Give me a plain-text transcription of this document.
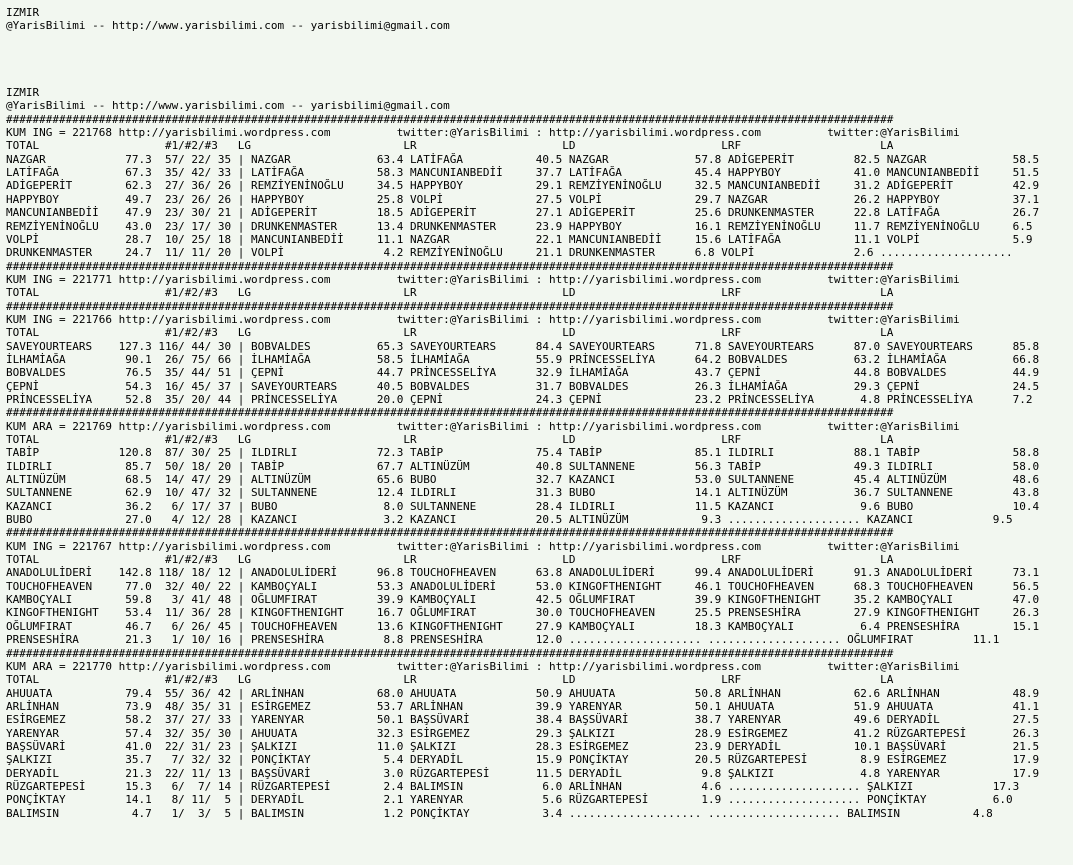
IZMIR
@YarisBilimi -- http://www.yarisbilimi.com -- yarisbilimi@gmail.com

IZMIR
@YarisBilimi -- http://www.yarisbilimi.com -- yarisbilimi@gmail.com
######################################################################################################################################
KUM ING = 221768 http://yarisbilimi.wordpress.com          twitter:@YarisBilimi : http://yarisbilimi.wordpress.com          twitter:@YarisBilimi
TOTAL                   #1/#2/#3   LG                       LR                      LD                      LRF                     LA
NAZGAR            77.3  57/ 22/ 35 | NAZGAR             63.4 LATİFAĞA           40.5 NAZGAR             57.8 ADİGEPERİT         82.5 NAZGAR             58.5
LATİFAĞA          67.3  35/ 42/ 33 | LATİFAĞA           58.3 MANCUNIANBEDİİ     37.7 LATİFAĞA           45.4 HAPPYBOY           41.0 MANCUNIANBEDİİ     51.5
ADİGEPERİT        62.3  27/ 36/ 26 | REMZİYENİNOĞLU     34.5 HAPPYBOY           29.1 REMZİYENİNOĞLU     32.5 MANCUNIANBEDİİ     31.2 ADİGEPERİT         42.9
HAPPYBOY          49.7  23/ 26/ 26 | HAPPYBOY           25.8 VOLPİ              27.5 VOLPİ              29.7 NAZGAR             26.2 HAPPYBOY           37.1
MANCUNIANBEDİİ    47.9  23/ 30/ 21 | ADİGEPERİT         18.5 ADİGEPERİT         27.1 ADİGEPERİT         25.6 DRUNKENMASTER      22.8 LATİFAĞA           26.7
REMZİYENİNOĞLU    43.0  23/ 17/ 30 | DRUNKENMASTER      13.4 DRUNKENMASTER      23.9 HAPPYBOY           16.1 REMZİYENİNOĞLU     11.7 REMZİYENİNOĞLU     6.5
VOLPİ             28.7  10/ 25/ 18 | MANCUNIANBEDİİ     11.1 NAZGAR             22.1 MANCUNIANBEDİİ     15.6 LATİFAĞA           11.1 VOLPİ              5.9
DRUNKENMASTER     24.7  11/ 11/ 20 | VOLPİ               4.2 REMZİYENİNOĞLU     21.1 DRUNKENMASTER      6.8 VOLPİ               2.6 ....................
######################################################################################################################################
KUM ING = 221771 http://yarisbilimi.wordpress.com          twitter:@YarisBilimi : http://yarisbilimi.wordpress.com          twitter:@YarisBilimi
TOTAL                   #1/#2/#3   LG                       LR                      LD                      LRF                     LA
######################################################################################################################################
KUM ING = 221766 http://yarisbilimi.wordpress.com          twitter:@YarisBilimi : http://yarisbilimi.wordpress.com          twitter:@YarisBilimi
TOTAL                   #1/#2/#3   LG                       LR                      LD                      LRF                     LA
SAVEYOURTEARS    127.3 116/ 44/ 30 | BOBVALDES          65.3 SAVEYOURTEARS      84.4 SAVEYOURTEARS      71.8 SAVEYOURTEARS      87.0 SAVEYOURTEARS      85.8
İLHAMİAĞA         90.1  26/ 75/ 66 | İLHAMİAĞA          58.5 İLHAMİAĞA          55.9 PRİNCESSELİYA      64.2 BOBVALDES          63.2 İLHAMİAĞA          66.8
BOBVALDES         76.5  35/ 44/ 51 | ÇEPNİ              44.7 PRİNCESSELİYA      32.9 İLHAMİAĞA          43.7 ÇEPNİ              44.8 BOBVALDES          44.9
ÇEPNİ             54.3  16/ 45/ 37 | SAVEYOURTEARS      40.5 BOBVALDES          31.7 BOBVALDES          26.3 İLHAMİAĞA          29.3 ÇEPNİ              24.5
PRİNCESSELİYA     52.8  35/ 20/ 44 | PRİNCESSELİYA      20.0 ÇEPNİ              24.3 ÇEPNİ              23.2 PRİNCESSELİYA       4.8 PRİNCESSELİYA      7.2
######################################################################################################################################
KUM ARA = 221769 http://yarisbilimi.wordpress.com          twitter:@YarisBilimi : http://yarisbilimi.wordpress.com          twitter:@YarisBilimi
TOTAL                   #1/#2/#3   LG                       LR                      LD                      LRF                     LA
TABİP            120.8  87/ 30/ 25 | ILDIRLI            72.3 TABİP              75.4 TABİP              85.1 ILDIRLI            88.1 TABİP              58.8
ILDIRLI           85.7  50/ 18/ 20 | TABİP              67.7 ALTINÜZÜM          40.8 SULTANNENE         56.3 TABİP              49.3 ILDIRLI            58.0
ALTINÜZÜM         68.5  14/ 47/ 29 | ALTINÜZÜM          65.6 BUBO               32.7 KAZANCI            53.0 SULTANNENE         45.4 ALTINÜZÜM          48.6
SULTANNENE        62.9  10/ 47/ 32 | SULTANNENE         12.4 ILDIRLI            31.3 BUBO               14.1 ALTINÜZÜM          36.7 SULTANNENE         43.8
KAZANCI           36.2   6/ 17/ 37 | BUBO                8.0 SULTANNENE         28.4 ILDIRLI            11.5 KAZANCI             9.6 BUBO               10.4
BUBO              27.0   4/ 12/ 28 | KAZANCI             3.2 KAZANCI            20.5 ALTINÜZÜM           9.3 .................... KAZANCI            9.5
######################################################################################################################################
KUM ING = 221767 http://yarisbilimi.wordpress.com          twitter:@YarisBilimi : http://yarisbilimi.wordpress.com          twitter:@YarisBilimi
TOTAL                   #1/#2/#3   LG                       LR                      LD                      LRF                     LA
ANADOLULİDERİ    142.8 118/ 18/ 12 | ANADOLULİDERİ      96.8 TOUCHOFHEAVEN      63.8 ANADOLULİDERİ      99.4 ANADOLULİDERİ      91.3 ANADOLULİDERİ      73.1
TOUCHOFHEAVEN     77.0  32/ 40/ 22 | KAMBOÇYALI         53.3 ANADOLULİDERİ      53.0 KINGOFTHENIGHT     46.1 TOUCHOFHEAVEN      68.3 TOUCHOFHEAVEN      56.5
KAMBOÇYALI        59.8   3/ 41/ 48 | OĞLUMFIRAT         39.9 KAMBOÇYALI         42.5 OĞLUMFIRAT         39.9 KINGOFTHENIGHT     35.2 KAMBOÇYALI         47.0
KINGOFTHENIGHT    53.4  11/ 36/ 28 | KINGOFTHENIGHT     16.7 OĞLUMFIRAT         30.0 TOUCHOFHEAVEN      25.5 PRENSESHİRA        27.9 KINGOFTHENIGHT     26.3
OĞLUMFIRAT        46.7   6/ 26/ 45 | TOUCHOFHEAVEN      13.6 KINGOFTHENIGHT     27.9 KAMBOÇYALI         18.3 KAMBOÇYALI          6.4 PRENSESHİRA        15.1
PRENSESHİRA       21.3   1/ 10/ 16 | PRENSESHİRA         8.8 PRENSESHİRA        12.0 .................... .................... OĞLUMFIRAT         11.1
######################################################################################################################################
KUM ARA = 221770 http://yarisbilimi.wordpress.com          twitter:@YarisBilimi : http://yarisbilimi.wordpress.com          twitter:@YarisBilimi
TOTAL                   #1/#2/#3   LG                       LR                      LD                      LRF                     LA
AHUUATA           79.4  55/ 36/ 42 | ARLİNHAN           68.0 AHUUATA            50.9 AHUUATA            50.8 ARLİNHAN           62.6 ARLİNHAN           48.9
ARLİNHAN          73.9  48/ 35/ 31 | ESİRGEMEZ          53.7 ARLİNHAN           39.9 YARENYAR           50.1 AHUUATA            51.9 AHUUATA            41.1
ESİRGEMEZ         58.2  37/ 27/ 33 | YARENYAR           50.1 BAŞSÜVARİ          38.4 BAŞSÜVARİ          38.7 YARENYAR           49.6 DERYADİL           27.5
YARENYAR          57.4  32/ 35/ 30 | AHUUATA            32.3 ESİRGEMEZ          29.3 ŞALKIZI            28.9 ESİRGEMEZ          41.2 RÜZGARTEPESİ       26.3
BAŞSÜVARİ         41.0  22/ 31/ 23 | ŞALKIZI            11.0 ŞALKIZI            28.3 ESİRGEMEZ          23.9 DERYADİL           10.1 BAŞSÜVARİ          21.5
ŞALKIZI           35.7   7/ 32/ 32 | PONÇİKTAY           5.4 DERYADİL           15.9 PONÇİKTAY          20.5 RÜZGARTEPESİ        8.9 ESİRGEMEZ          17.9
DERYADİL          21.3  22/ 11/ 13 | BAŞSÜVARİ           3.0 RÜZGARTEPESİ       11.5 DERYADİL            9.8 ŞALKIZI             4.8 YARENYAR           17.9
RÜZGARTEPESİ      15.3   6/  7/ 14 | RÜZGARTEPESİ        2.4 BALIMSIN            6.0 ARLİNHAN            4.6 .................... ŞALKIZI            17.3
PONÇİKTAY         14.1   8/ 11/  5 | DERYADİL            2.1 YARENYAR            5.6 RÜZGARTEPESİ        1.9 .................... PONÇİKTAY          6.0
BALIMSIN           4.7   1/  3/  5 | BALIMSIN            1.2 PONÇİKTAY           3.4 .................... .................... BALIMSIN           4.8
